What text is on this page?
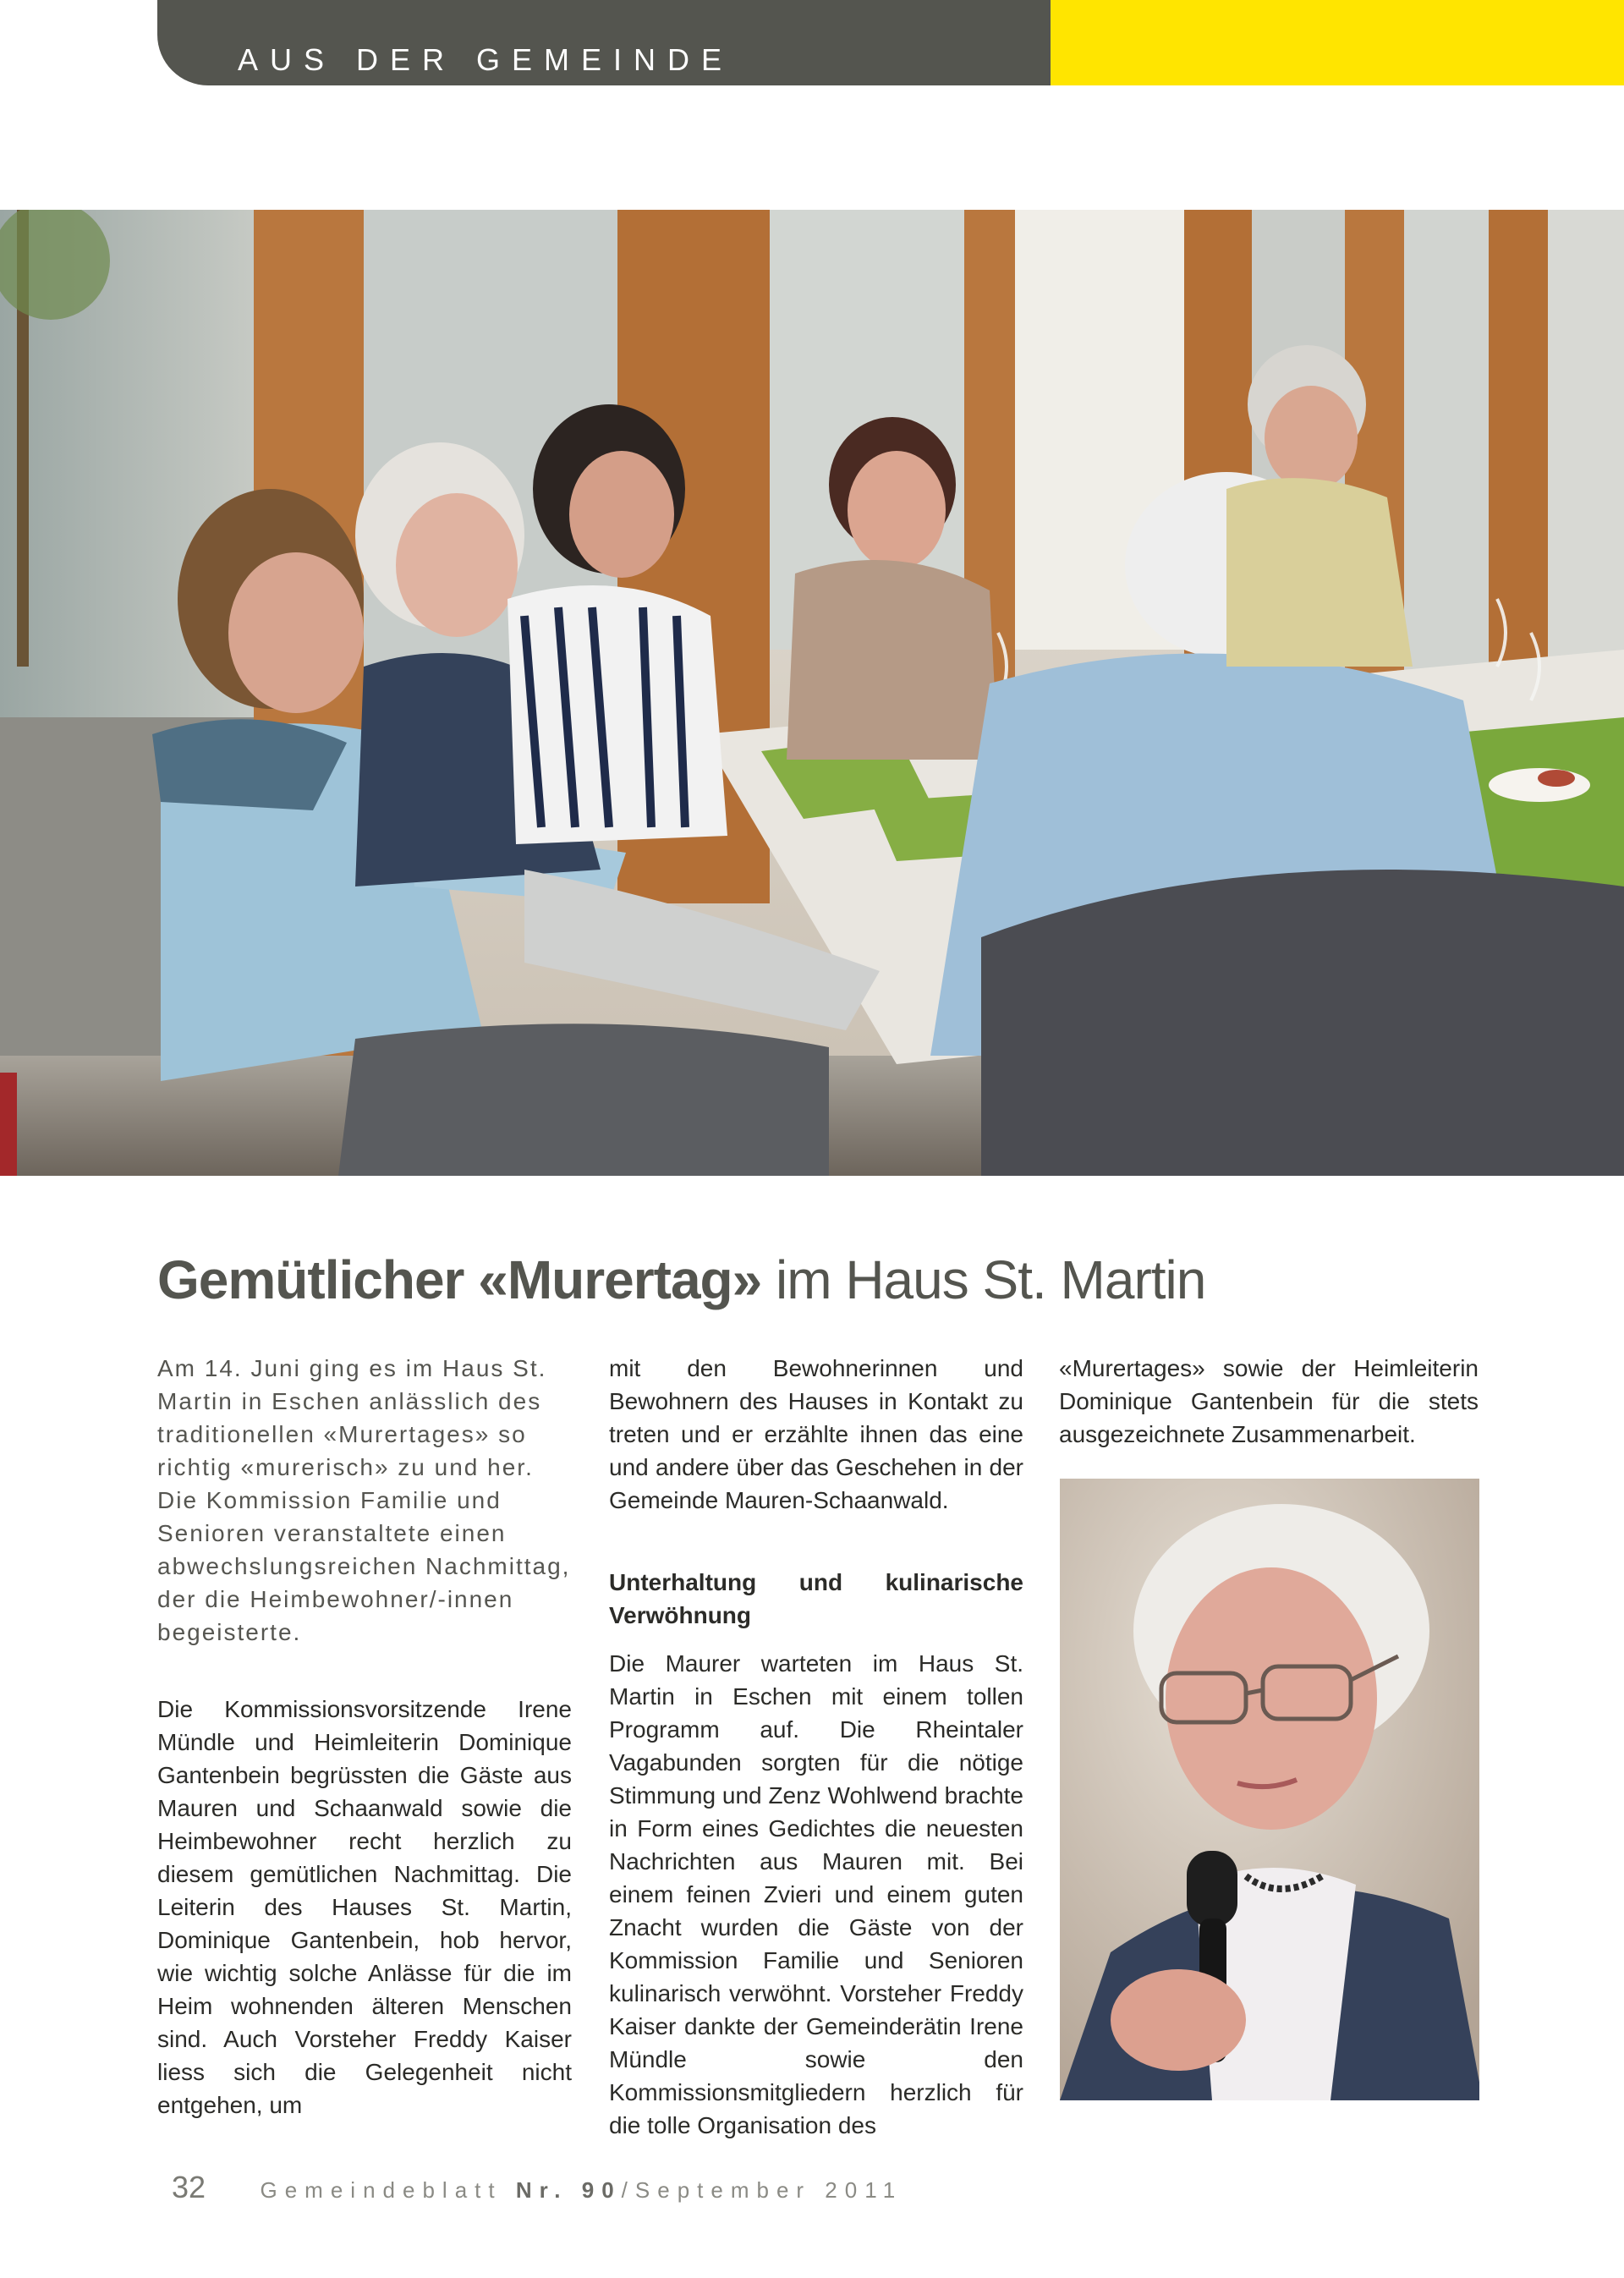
AUS DER GEMEINDE
Gemütlicher «Murertag» im Haus St. Martin

Am 14. Juni ging es im Haus St. Martin in Eschen anlässlich des traditionellen «Murertages» so richtig «murerisch» zu und her. Die Kommission Familie und Senioren veranstaltete einen abwechslungsreichen Nachmittag, der die Heimbewohner/-innen begeisterte.

Die Kommissionsvorsitzende Irene Mündle und Heimleiterin Dominique Gantenbein begrüssten die Gäste aus Mauren und Schaanwald sowie die Heimbewohner recht herzlich zu diesem gemütlichen Nachmittag. Die Leiterin des Hauses St. Martin, Dominique Gantenbein, hob hervor, wie wichtig solche Anlässe für die im Heim wohnenden älteren Menschen sind. Auch Vorsteher Freddy Kaiser liess sich die Gelegenheit nicht entgehen, um

mit den Bewohnerinnen und Bewohnern des Hauses in Kontakt zu treten und er erzählte ihnen das eine und andere über das Geschehen in der Gemeinde Mauren-Schaanwald.

Unterhaltung und kulinarische Verwöhnung

Die Maurer warteten im Haus St. Martin in Eschen mit einem tollen Programm auf. Die Rheintaler Vagabunden sorgten für die nötige Stimmung und Zenz Wohlwend brachte in Form eines Gedichtes die neuesten Nachrichten aus Mauren mit. Bei einem feinen Zvieri und einem guten Znacht wurden die Gäste von der Kommission Familie und Senioren kulinarisch verwöhnt. Vorsteher Freddy Kaiser dankte der Gemeinderätin Irene Mündle sowie den Kommissionsmitgliedern herzlich für die tolle Organisation des

«Murertages» sowie der Heimleiterin Dominique Gantenbein für die stets ausgezeichnete Zusammenarbeit.

32 Gemeindeblatt Nr. 90/September 2011
